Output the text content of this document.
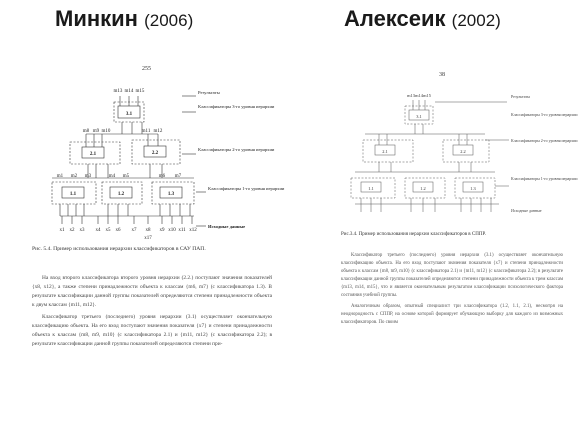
Минкин (2006)	Алексеик (2002)
255
m13 m14 m15
3.1
2.1	2.2
1.1	1.2	1.3
m8 m9 m10	m11 m12
m1 m2 m3	m4 m5	m6 m7
x1 x2 x3 x4 x5 x6 x7 x8 x9 x10 x11 x12
x17
Результаты
Классификаторы 3-го уровня иерархии
Классификаторы 2-го уровня иерархии
Классификаторы 1-го уровня иерархии
Исходные данные
Рис. 5.4. Пример использования иерархии классификаторов в САУ ПАП.

На вход второго классификатора второго уровня иерархии (2.2.) поступают значения показателей {x8, x12}, а также степени принадлежности объекта к классам {m6, m7} (с классификатора 1.3). В результате классификации данной группы показателей определяются степени принадлежности объекта к двум классам {m11, m12}.

Классификатор третьего (последнего) уровня иерархии (3.1) осуществляет окончательную классификацию объекта. На его вход поступают значения показателя {x7} и степени принадлежности объекта к классам {m8, m9, m10} (с классификатора 2.1) и {m11, m12} (с классификатора 2.2); в результате классификации данной группы показателей определяются степени при-

38
m13 m14 m15
3.1
2.1	2.2
1.1	1.2	1.3
Результаты
Классификаторы 3-го уровня иерархии
Классификаторы 2-го уровня иерархии
Классификаторы 1-го уровня иерархии
Исходные данные
Рис.3.4. Пример использования иерархии классификаторов в СППР.

Классификатор третьего (последнего) уровня иерархии (3.1) осуществляет окончательную классификацию объекта. На его вход поступают значения показателя {x7} и степени принадлежности объекта к классам {m8, m9, m10} (с классификатора 2.1) и {m11, m12} (с классификатора 2.2); в результате классификации данной группы показателей определяются степени принадлежности объекта к трем классам {m13, m14, m15}, что и является окончательным результатом классификации психологического фактора состояния учебной группы.

Аналогичным образом, опытный специалист три классификатора (1.2, 1.1, 2.1), несмотря на неоднородность с СППР, на основе которой формирует обучающую выборку для каждого из возможных классификаторов. По своим
